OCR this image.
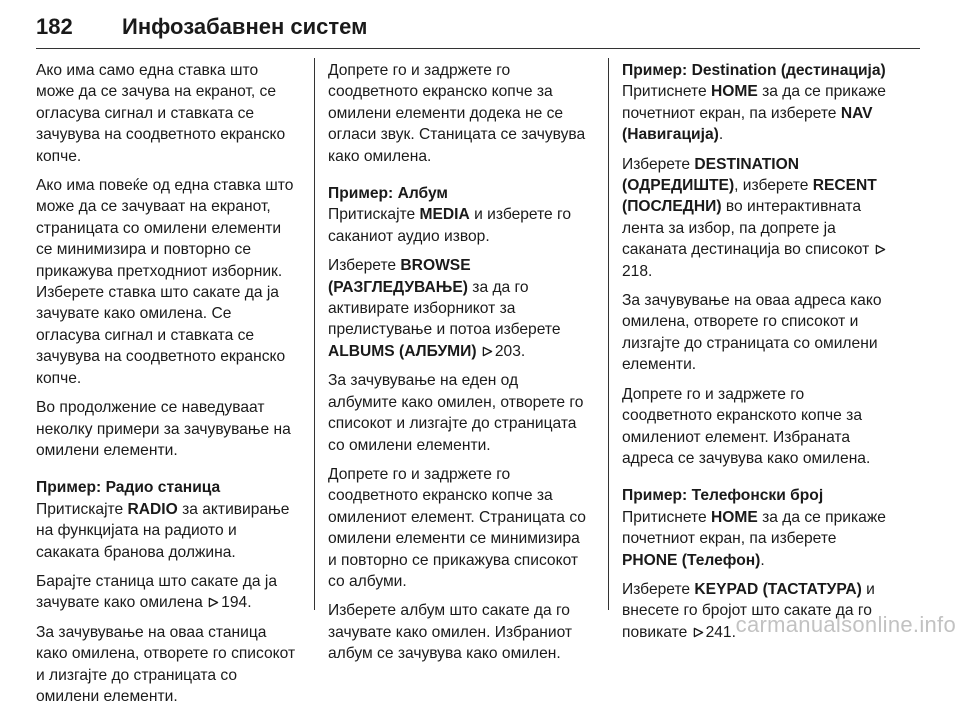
182 Инфозабавнен систем

Ако има само една ставка што може да се зачува на екранот, се огласува сигнал и ставката се зачувува на соодветното екранско копче.

Ако има повеќе од една ставка што може да се зачуваат на екранот, страницата со омилени елементи се минимизира и повторно се прикажува претходниот изборник. Изберете ставка што сакате да ја зачувате како омилена. Се огласува сигнал и ставката се зачувува на соодветното екранско копче.

Во продолжение се наведуваат неколку примери за зачувување на омилени елементи.

Пример: Радио станица

Притискајте RADIO за активирање на функцијата на радиото и сакаката бранова должина.

Барајте станица што сакате да ја зачувате како омилена 194.

За зачувување на оваа станица како омилена, отворете го списокот и лизгајте до страницата со омилени елементи.

Допрете го и задржете го соодветното екранско копче за омилени елементи додека не се огласи звук. Станицата се зачувува како омилена.

Пример: Албум

Притискајте MEDIA и изберете го саканиот аудио извор.

Изберете BROWSE (РАЗГЛЕДУВАЊЕ) за да го активирате изборникот за прелистување и потоа изберете ALBUMS (АЛБУМИ) 203.

За зачувување на еден од албумите како омилен, отворете го списокот и лизгајте до страницата со омилени елементи.

Допрете го и задржете го соодветното екранско копче за омилениот елемент. Страницата со омилени елементи се минимизира и повторно се прикажува списокот со албуми.

Изберете албум што сакате да го зачувате како омилен. Избраниот албум се зачувува како омилен.

Пример: Destination (дестинација)

Притиснете HOME за да се прикаже почетниот екран, па изберете NAV (Навигација).

Изберете DESTINATION (ОДРЕДИШТЕ), изберете RECENT (ПОСЛЕДНИ) во интерактивната лента за избор, па допрете ја саканата дестинација во списокот 218.

За зачувување на оваа адреса како омилена, отворете го списокот и лизгајте до страницата со омилени елементи.

Допрете го и задржете го соодветното екранското копче за омилениот елемент. Избраната адреса се зачувува како омилена.

Пример: Телефонски број

Притиснете HOME за да се прикаже почетниот екран, па изберете PHONE (Телефон).

Изберете KEYPAD (ТАСТАТУРА) и внесете го бројот што сакате да го повикате 241. carmanualsonline.info
